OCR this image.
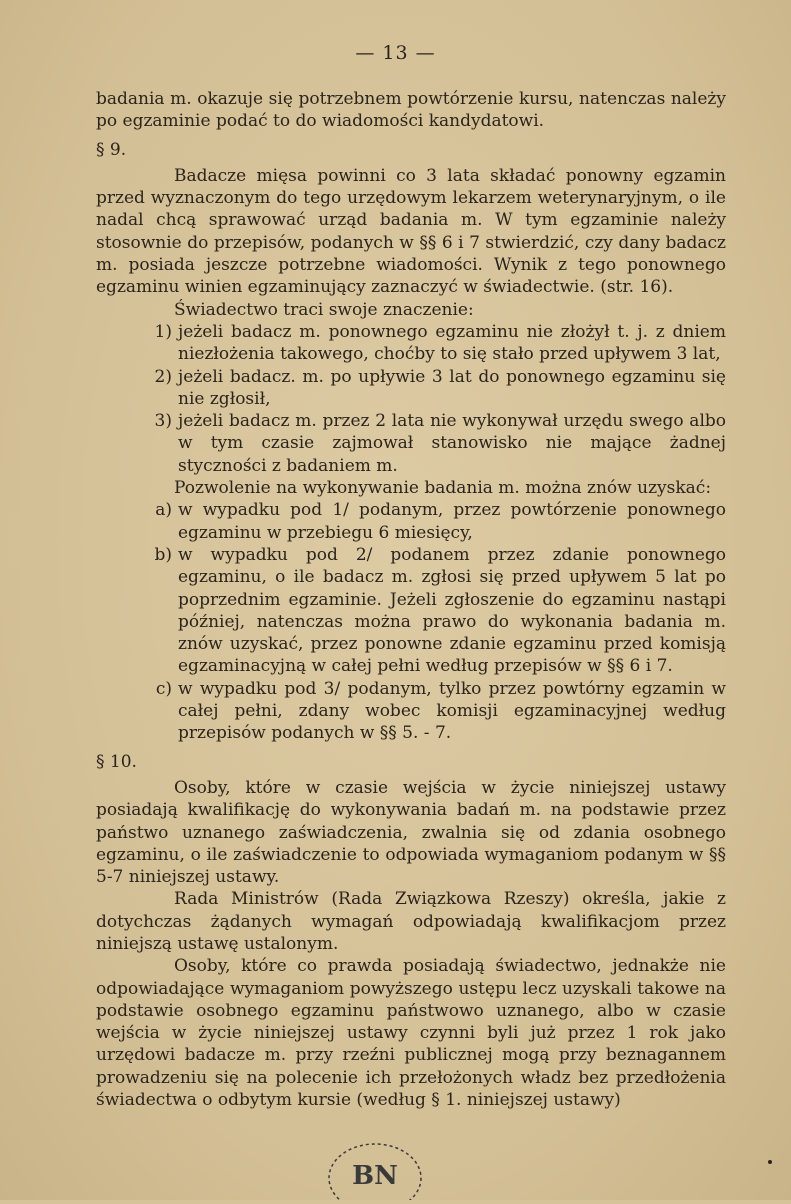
— 13 —

badania m. okazuje się potrzebnem powtórzenie kursu, natenczas należy po egzaminie podać to do wiadomości kandydatowi.

§ 9.

Badacze mięsa powinni co 3 lata składać ponowny egzamin przed wyznaczonym do tego urzędowym lekarzem weterynaryjnym, o ile nadal chcą sprawować urząd badania m. W tym egzaminie należy stosownie do przepisów, podanych w §§ 6 i 7 stwierdzić, czy dany badacz m. posiada jeszcze potrzebne wiadomości. Wynik z tego ponownego egzaminu winien egzaminujący zaznaczyć w świadectwie. (str. 16).

Świadectwo traci swoje znaczenie:

1) jeżeli badacz m. ponownego egzaminu nie złożył t. j. z dniem niezłożenia takowego, choćby to się stało przed upływem 3 lat,
2) jeżeli badacz. m. po upływie 3 lat do ponownego egzaminu się nie zgłosił,
3) jeżeli badacz m. przez 2 lata nie wykonywał urzędu swego albo w tym czasie zajmował stanowisko nie mające żadnej styczności z badaniem m.

Pozwolenie na wykonywanie badania m. można znów uzyskać:

a) w wypadku pod 1/ podanym, przez powtórzenie ponownego egzaminu w przebiegu 6 miesięcy,
b) w wypadku pod 2/ podanem przez zdanie ponownego egzaminu, o ile badacz m. zgłosi się przed upływem 5 lat po poprzednim egzaminie. Jeżeli zgłoszenie do egzaminu nastąpi później, natenczas można prawo do wykonania badania m. znów uzyskać, przez ponowne zdanie egzaminu przed komisją egzaminacyjną w całej pełni według przepisów w §§ 6 i 7.
c) w wypadku pod 3/ podanym, tylko przez powtórny egzamin w całej pełni, zdany wobec komisji egzaminacyjnej według przepisów podanych w §§ 5. - 7.

§ 10.

Osoby, które w czasie wejścia w życie niniejszej ustawy posiadają kwalifikację do wykonywania badań m. na podstawie przez państwo uznanego zaświadczenia, zwalnia się od zdania osobnego egzaminu, o ile zaświadczenie to odpowiada wymaganiom podanym w §§ 5-7 niniejszej ustawy.

Rada Ministrów (Rada Związkowa Rzeszy) określa, jakie z dotychczas żądanych wymagań odpowiadają kwalifikacjom przez niniejszą ustawę ustalonym.

Osoby, które co prawda posiadają świadectwo, jednakże nie odpowiadające wymaganiom powyższego ustępu lecz uzyskali takowe na podstawie osobnego egzaminu państwowo uznanego, albo w czasie wejścia w życie niniejszej ustawy czynni byli już przez 1 rok jako urzędowi badacze m. przy rzeźni publicznej mogą przy beznagannem prowadzeniu się na polecenie ich przełożonych władz bez przedłożenia świadectwa o odbytym kursie (według § 1. niniejszej ustawy)

BN
